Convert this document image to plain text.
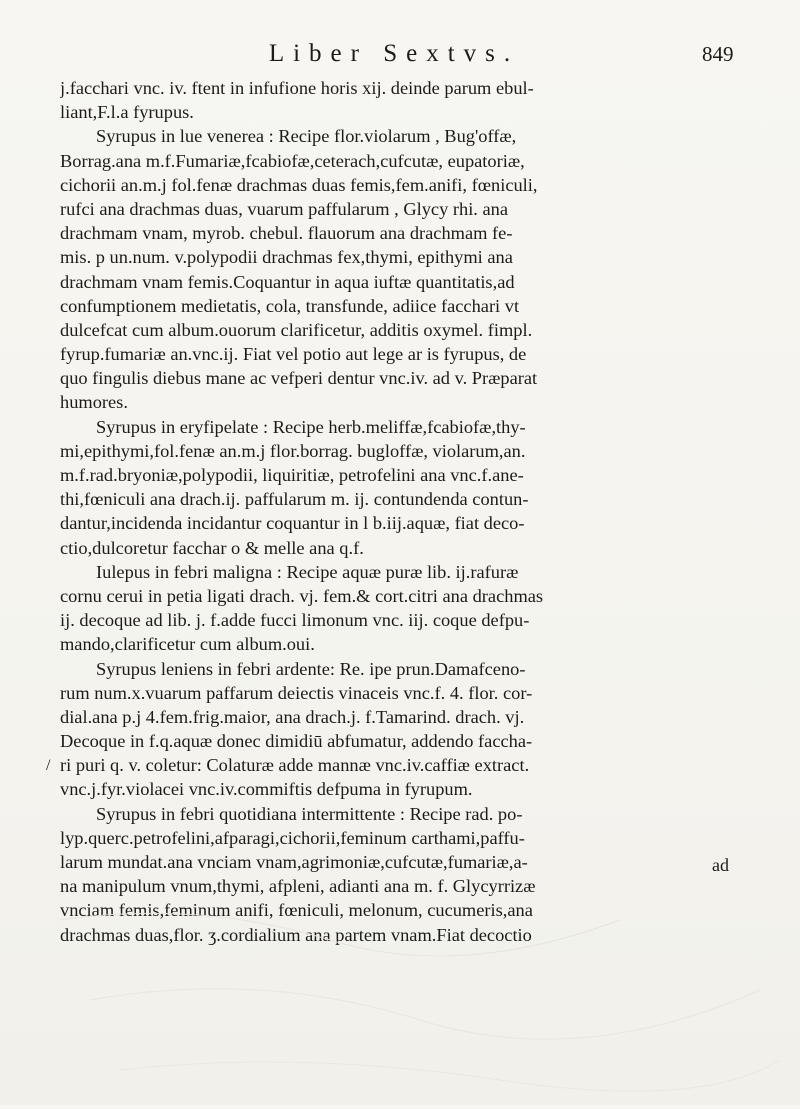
Liber Sextvs.	849
/
j.facchari vnc. iv. ftent in infufione horis xij. deinde parum ebul-
liant,F.l.a fyrupus.
Syrupus in lue venerea : Recipe flor.violarum , Bug'offæ,
Borrag.ana m.f.Fumariæ,fcabiofæ,ceterach,cufcutæ, eupatoriæ,
cichorii an.m.j fol.fenæ drachmas duas femis,fem.anifi, fœniculi,
rufci ana drachmas duas, vuarum paffularum , Glycy rhi. ana
drachmam vnam, myrob. chebul. flauorum ana drachmam fe-
mis. p un.num. v.polypodii drachmas fex,thymi, epithymi ana
drachmam vnam femis.Coquantur in aqua iuftæ quantitatis,ad
confumptionem medietatis, cola, transfunde, adiice facchari vt
dulcefcat cum album.ouorum clarificetur, additis oxymel. fimpl.
fyrup.fumariæ an.vnc.ij. Fiat vel potio aut lege ar is fyrupus, de
quo fingulis diebus mane ac vefperi dentur vnc.iv. ad v. Præparat
humores.
Syrupus in eryfipelate : Recipe herb.meliffæ,fcabiofæ,thy-
mi,epithymi,fol.fenæ an.m.j flor.borrag. bugloffæ, violarum,an.
m.f.rad.bryoniæ,polypodii, liquiritiæ, petrofelini ana vnc.f.ane-
thi,fœniculi ana drach.ij. paffularum m. ij. contundenda contun-
dantur,incidenda incidantur coquantur in l b.iij.aquæ, fiat deco-
ctio,dulcoretur facchar o & melle ana q.f.
Iulepus in febri maligna : Recipe aquæ puræ lib. ij.rafuræ
cornu cerui in petia ligati drach. vj. fem.& cort.citri ana drachmas
ij. decoque ad lib. j. f.adde fucci limonum vnc. iij. coque defpu-
mando,clarificetur cum album.oui.
Syrupus leniens in febri ardente: Re. ipe prun.Damafceno-
rum num.x.vuarum paffarum deiectis vinaceis vnc.f. 4. flor. cor-
dial.ana p.j 4.fem.frig.maior, ana drach.j. f.Tamarind. drach. vj.
Decoque in f.q.aquæ donec dimidiū abfumatur, addendo faccha-
ri puri q. v. coletur: Colaturæ adde mannæ vnc.iv.caffiæ extract.
vnc.j.fyr.violacei vnc.iv.commiftis defpuma in fyrupum.
Syrupus in febri quotidiana intermittente : Recipe rad. po-
lyp.querc.petrofelini,afparagi,cichorii,feminum carthami,paffu-
larum mundat.ana vnciam vnam,agrimoniæ,cufcutæ,fumariæ,a-
na manipulum vnum,thymi, afpleni, adianti ana m. f. Glycyrrizæ
vnciam femis,feminum anifi, fœniculi, melonum, cucumeris,ana
drachmas duas,flor. ʒ.cordialium ana partem vnam.Fiat decoctio
ad
